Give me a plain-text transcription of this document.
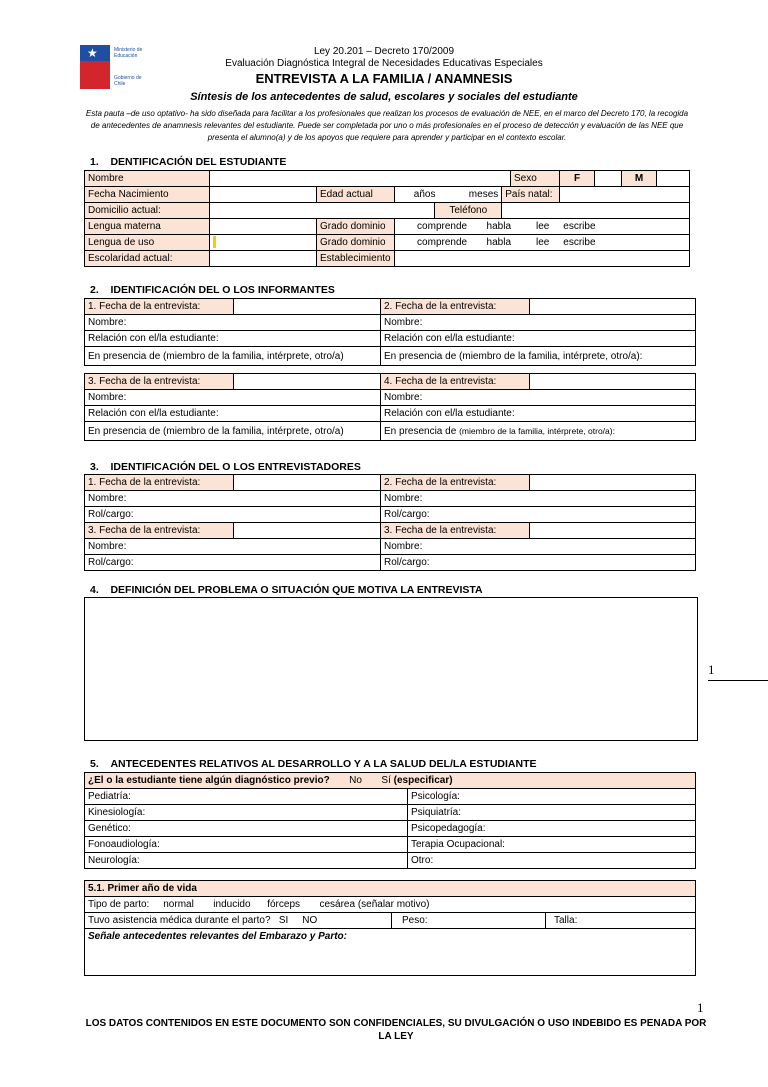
★	Ministerio de
Educación
Gobierno de Chile
Ley 20.201 – Decreto 170/2009
Evaluación Diagnóstica Integral de Necesidades Educativas Especiales
ENTREVISTA A LA FAMILIA / ANAMNESIS
Síntesis de los antecedentes de salud, escolares y sociales del estudiante
Esta pauta –de uso optativo- ha sido diseñada para facilitar a los profesionales que realizan los procesos de evaluación de NEE, en el marco del Decreto 170, la recogida de antecedentes de anamnesis relevantes del estudiante. Puede ser completada por uno o más profesionales en el proceso de detección y evaluación de las NEE que presenta el alumno(a) y de los apoyos que requiere para aprender y participar en el contexto escolar.
1. DENTIFICACIÓN DEL ESTUDIANTE
Nombre						Sexo	F		M	
Fecha Nacimiento		Edad actual	años meses		País natal:					
Domicilio actual:				Teléfono						
Lengua materna		Grado dominio	comprende habla lee escribe							
Lengua de uso		Grado dominio	comprende habla lee escribe							
Escolaridad actual:		Establecimiento								
2. IDENTIFICACIÓN DEL O LOS INFORMANTES
1. Fecha de la entrevista:		2. Fecha de la entrevista:	
Nombre:		Nombre:	
Relación con el/la estudiante:		Relación con el/la estudiante:	
En presencia de (miembro de la familia, intérprete, otro/a)		En presencia de (miembro de la familia, intérprete, otro/a):	
3. Fecha de la entrevista:		4. Fecha de la entrevista:	
Nombre:		Nombre:	
Relación con el/la estudiante:		Relación con el/la estudiante:	
En presencia de (miembro de la familia, intérprete, otro/a)		En presencia de (miembro de la familia, intérprete, otro/a):	
3. IDENTIFICACIÓN DEL O LOS ENTREVISTADORES
1. Fecha de la entrevista:		2. Fecha de la entrevista:	
Nombre:		Nombre:	
Rol/cargo:		Rol/cargo:	
3. Fecha de la entrevista:		3. Fecha de la entrevista:	
Nombre:		Nombre:	
Rol/cargo:		Rol/cargo:	
4. DEFINICIÓN DEL PROBLEMA O SITUACIÓN QUE MOTIVA LA ENTREVISTA
1
5. ANTECEDENTES RELATIVOS AL DESARROLLO Y A LA SALUD DEL/LA ESTUDIANTE
¿El o la estudiante tiene algún diagnóstico previo? No Sí (especificar)	
Pediatría:	Psicología:
Kinesiología:	Psiquiatría:
Genético:	Psicopedagogía:
Fonoaudiología:	Terapia Ocupacional:
Neurología:	Otro:
5.1. Primer año de vida
Tipo de parto: normal inducido fórceps cesárea (señalar motivo)
Tuvo asistencia médica durante el parto? SI NO	Peso:	Talla:
Señale antecedentes relevantes del Embarazo y Parto:
1
LOS DATOS CONTENIDOS EN ESTE DOCUMENTO SON CONFIDENCIALES, SU DIVULGACIÓN O USO INDEBIDO ES PENADA POR LA LEY
